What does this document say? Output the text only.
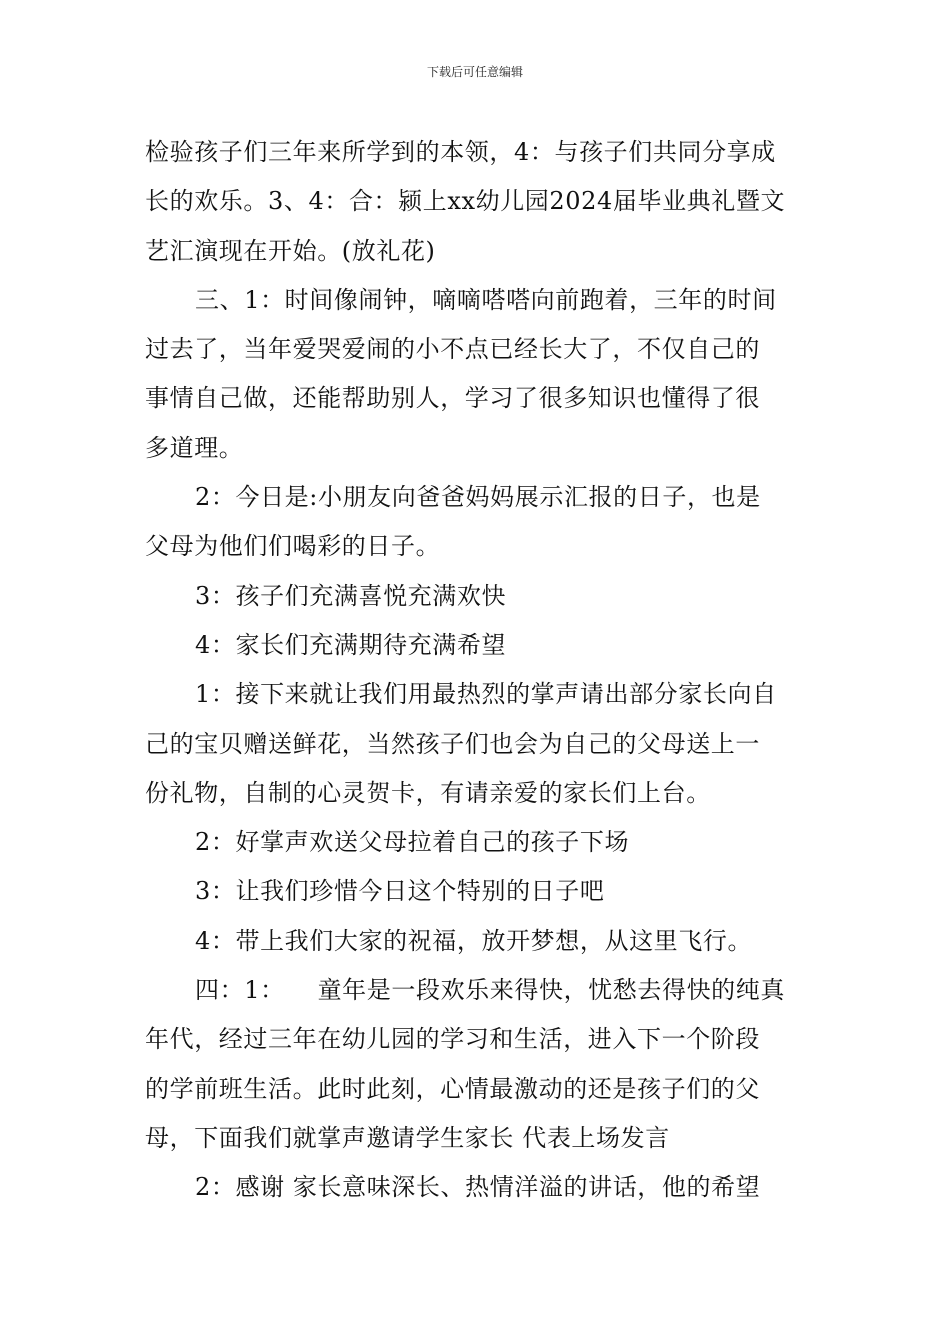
下载后可任意编辑
检验孩子们三年来所学到的本领，4：与孩子们共同分享成
长的欢乐。3、4：合：颍上xx幼儿园2024届毕业典礼暨文
艺汇演现在开始。(放礼花)
三、1：时间像闹钟，嘀嘀嗒嗒向前跑着，三年的时间
过去了，当年爱哭爱闹的小不点已经长大了，不仅自己的
事情自己做，还能帮助别人，学习了很多知识也懂得了很
多道理。
2：今日是:小朋友向爸爸妈妈展示汇报的日子，也是
父母为他们们喝彩的日子。
3：孩子们充满喜悦充满欢快
4：家长们充满期待充满希望
1：接下来就让我们用最热烈的掌声请出部分家长向自
己的宝贝赠送鲜花，当然孩子们也会为自己的父母送上一
份礼物，自制的心灵贺卡，有请亲爱的家长们上台。
2：好掌声欢送父母拉着自己的孩子下场
3：让我们珍惜今日这个特别的日子吧
4：带上我们大家的祝福，放开梦想，从这里飞行。
四：1：    童年是一段欢乐来得快，忧愁去得快的纯真
年代，经过三年在幼儿园的学习和生活，进入下一个阶段
的学前班生活。此时此刻，心情最激动的还是孩子们的父
母，下面我们就掌声邀请学生家长 代表上场发言
2：感谢 家长意味深长、热情洋溢的讲话，他的希望
